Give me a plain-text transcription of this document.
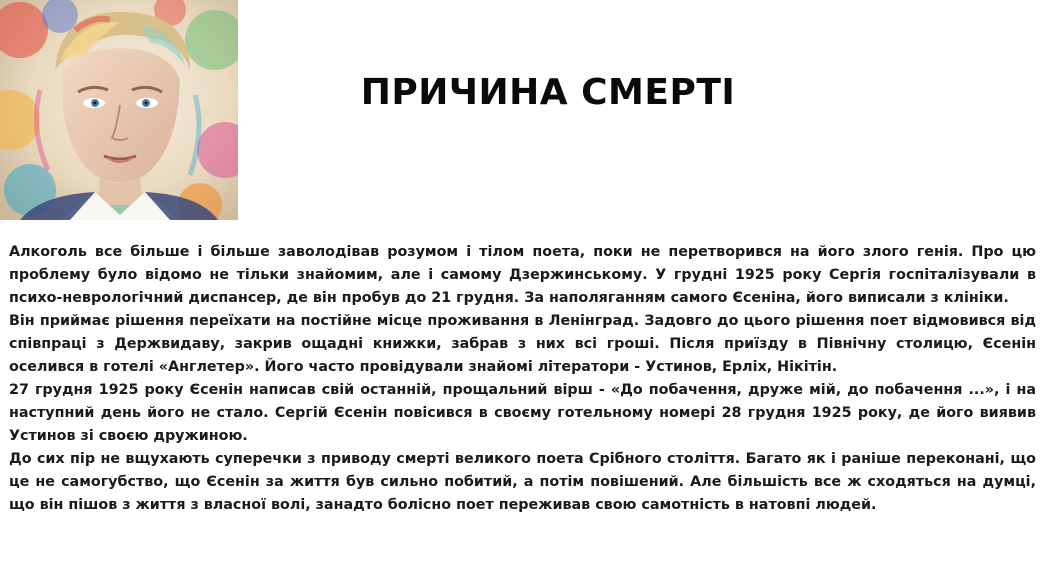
ПРИЧИНА СМЕРТІ

Алкоголь все більше і більше заволодівав розумом і тілом поета, поки не перетворився на його злого генія. Про цю проблему було відомо не тільки знайомим, але і самому Дзержинському. У грудні 1925 року Сергія госпіталізували в психо-неврологічний диспансер, де він пробув до 21 грудня. За наполяганням самого Єсеніна, його виписали з клініки.

Він приймає рішення переїхати на постійне місце проживання в Ленінград. Задовго до цього рішення поет відмовився від співпраці з Держвидаву, закрив ощадні книжки, забрав з них всі гроші. Після приїзду в Північну столицю, Єсенін оселився в готелі «Англетер». Його часто провідували знайомі літератори - Устинов, Ерліх, Нікітін.

27 грудня 1925 року Єсенін написав свій останній, прощальний вірш - «До побачення, друже мій, до побачення ...», і на наступний день його не стало. Сергій Єсенін повісився в своєму готельному номері 28 грудня 1925 року, де його виявив Устинов зі своєю дружиною.

До сих пір не вщухають суперечки з приводу смерті великого поета Срібного століття. Багато як і раніше переконані, що це не самогубство, що Єсенін за життя був сильно побитий, а потім повішений. Але більшість все ж сходяться на думці, що він пішов з життя з власної волі, занадто болісно поет переживав свою самотність в натовпі людей.
